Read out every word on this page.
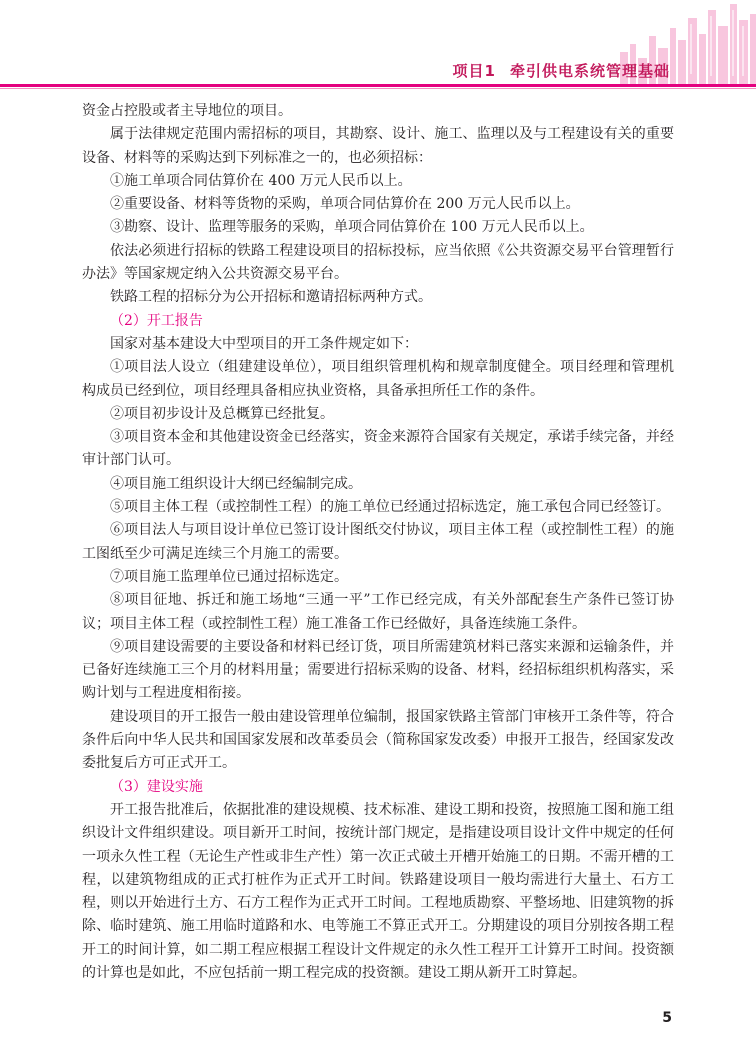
项目1 牵引供电系统管理基础

资金占控股或者主导地位的项目。

属于法律规定范围内需招标的项目，其勘察、设计、施工、监理以及与工程建设有关的重要设备、材料等的采购达到下列标准之一的，也必须招标：

①施工单项合同估算价在 400 万元人民币以上。

②重要设备、材料等货物的采购，单项合同估算价在 200 万元人民币以上。

③勘察、设计、监理等服务的采购，单项合同估算价在 100 万元人民币以上。

依法必须进行招标的铁路工程建设项目的招标投标，应当依照《公共资源交易平台管理暂行办法》等国家规定纳入公共资源交易平台。

铁路工程的招标分为公开招标和邀请招标两种方式。

（2）开工报告

国家对基本建设大中型项目的开工条件规定如下：

①项目法人设立（组建建设单位），项目组织管理机构和规章制度健全。项目经理和管理机构成员已经到位，项目经理具备相应执业资格，具备承担所任工作的条件。

②项目初步设计及总概算已经批复。

③项目资本金和其他建设资金已经落实，资金来源符合国家有关规定，承诺手续完备，并经审计部门认可。

④项目施工组织设计大纲已经编制完成。

⑤项目主体工程（或控制性工程）的施工单位已经通过招标选定，施工承包合同已经签订。

⑥项目法人与项目设计单位已签订设计图纸交付协议，项目主体工程（或控制性工程）的施工图纸至少可满足连续三个月施工的需要。

⑦项目施工监理单位已通过招标选定。

⑧项目征地、拆迁和施工场地“三通一平”工作已经完成，有关外部配套生产条件已签订协议；项目主体工程（或控制性工程）施工准备工作已经做好，具备连续施工条件。

⑨项目建设需要的主要设备和材料已经订货，项目所需建筑材料已落实来源和运输条件，并已备好连续施工三个月的材料用量；需要进行招标采购的设备、材料，经招标组织机构落实，采购计划与工程进度相衔接。

建设项目的开工报告一般由建设管理单位编制，报国家铁路主管部门审核开工条件等，符合条件后向中华人民共和国国家发展和改革委员会（简称国家发改委）申报开工报告，经国家发改委批复后方可正式开工。

（3）建设实施

开工报告批准后，依据批准的建设规模、技术标准、建设工期和投资，按照施工图和施工组织设计文件组织建设。项目新开工时间，按统计部门规定，是指建设项目设计文件中规定的任何一项永久性工程（无论生产性或非生产性）第一次正式破土开槽开始施工的日期。不需开槽的工程，以建筑物组成的正式打桩作为正式开工时间。铁路建设项目一般均需进行大量土、石方工程，则以开始进行土方、石方工程作为正式开工时间。工程地质勘察、平整场地、旧建筑物的拆除、临时建筑、施工用临时道路和水、电等施工不算正式开工。分期建设的项目分别按各期工程开工的时间计算，如二期工程应根据工程设计文件规定的永久性工程开工计算开工时间。投资额的计算也是如此，不应包括前一期工程完成的投资额。建设工期从新开工时算起。

5
